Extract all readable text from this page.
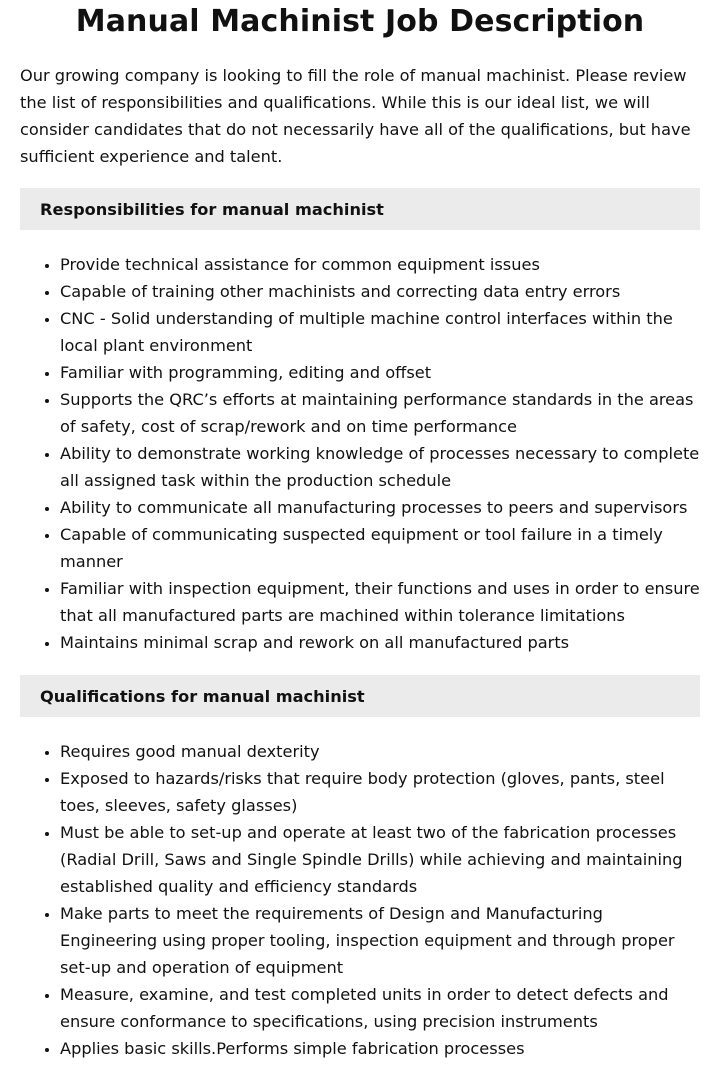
Manual Machinist Job Description

Our growing company is looking to fill the role of manual machinist. Please review the list of responsibilities and qualifications. While this is our ideal list, we will consider candidates that do not necessarily have all of the qualifications, but have sufficient experience and talent.

Responsibilities for manual machinist
• Provide technical assistance for common equipment issues
• Capable of training other machinists and correcting data entry errors
• CNC - Solid understanding of multiple machine control interfaces within the local plant environment
• Familiar with programming, editing and offset
• Supports the QRC’s efforts at maintaining performance standards in the areas of safety, cost of scrap/rework and on time performance
• Ability to demonstrate working knowledge of processes necessary to complete all assigned task within the production schedule
• Ability to communicate all manufacturing processes to peers and supervisors
• Capable of communicating suspected equipment or tool failure in a timely manner
• Familiar with inspection equipment, their functions and uses in order to ensure that all manufactured parts are machined within tolerance limitations
• Maintains minimal scrap and rework on all manufactured parts
Qualifications for manual machinist
• Requires good manual dexterity
• Exposed to hazards/risks that require body protection (gloves, pants, steel toes, sleeves, safety glasses)
• Must be able to set-up and operate at least two of the fabrication processes (Radial Drill, Saws and Single Spindle Drills) while achieving and maintaining established quality and efficiency standards
• Make parts to meet the requirements of Design and Manufacturing Engineering using proper tooling, inspection equipment and through proper set-up and operation of equipment
• Measure, examine, and test completed units in order to detect defects and ensure conformance to specifications, using precision instruments
• Applies basic skills.Performs simple fabrication processes
